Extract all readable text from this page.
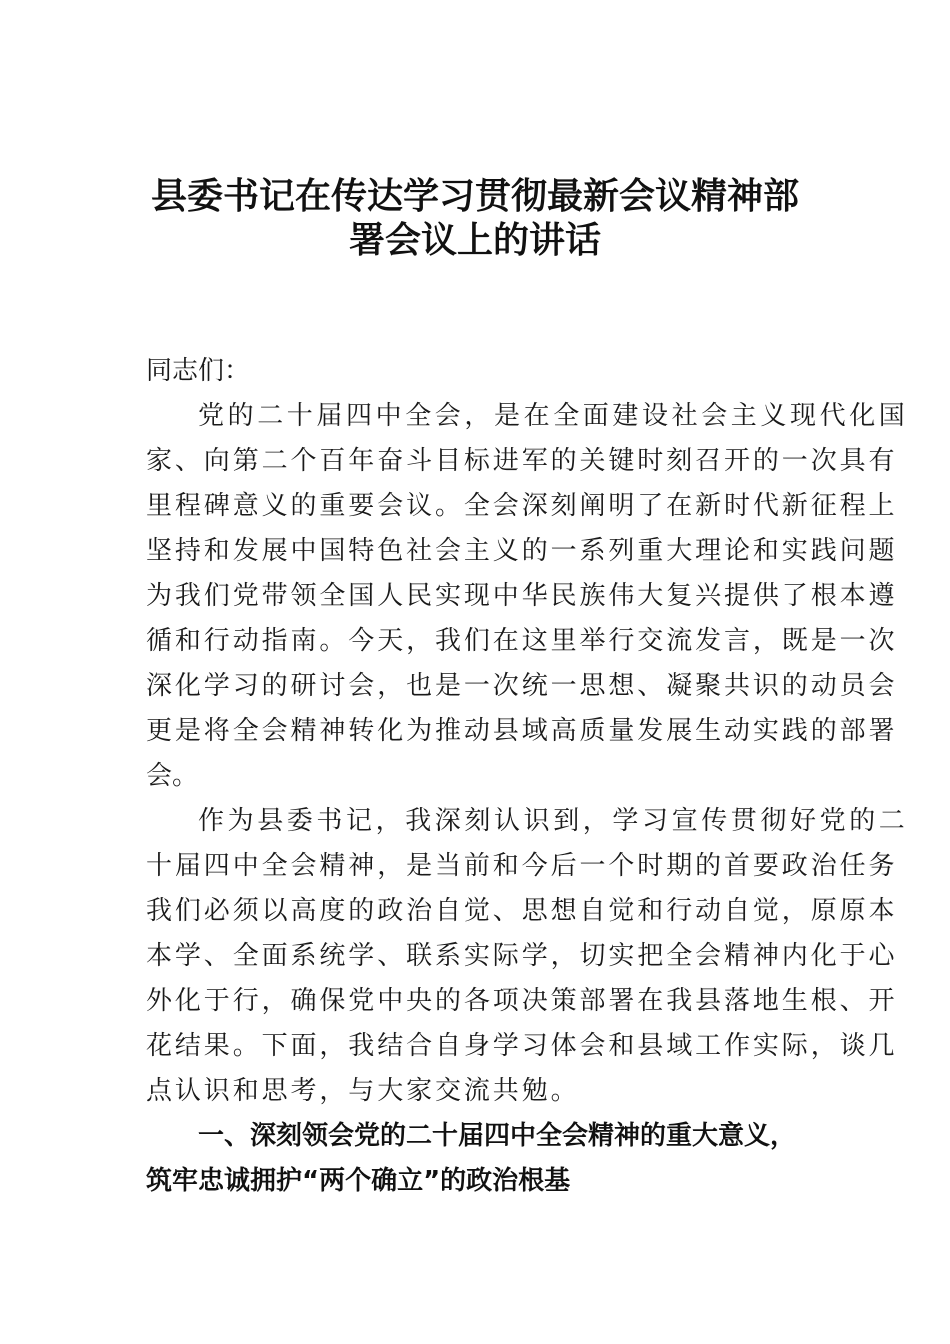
县委书记在传达学习贯彻最新会议精神部
署会议上的讲话
同志们：
党的二十届四中全会，是在全面建设社会主义现代化国
家、向第二个百年奋斗目标进军的关键时刻召开的一次具有
里程碑意义的重要会议。全会深刻阐明了在新时代新征程上
坚持和发展中国特色社会主义的一系列重大理论和实践问题
为我们党带领全国人民实现中华民族伟大复兴提供了根本遵
循和行动指南。今天，我们在这里举行交流发言，既是一次
深化学习的研讨会，也是一次统一思想、凝聚共识的动员会
更是将全会精神转化为推动县域高质量发展生动实践的部署
会。
作为县委书记，我深刻认识到，学习宣传贯彻好党的二
十届四中全会精神，是当前和今后一个时期的首要政治任务
我们必须以高度的政治自觉、思想自觉和行动自觉，原原本
本学、全面系统学、联系实际学，切实把全会精神内化于心
外化于行，确保党中央的各项决策部署在我县落地生根、开
花结果。下面，我结合自身学习体会和县域工作实际，谈几
点认识和思考，与大家交流共勉。
一、深刻领会党的二十届四中全会精神的重大意义，
筑牢忠诚拥护“两个确立”的政治根基
